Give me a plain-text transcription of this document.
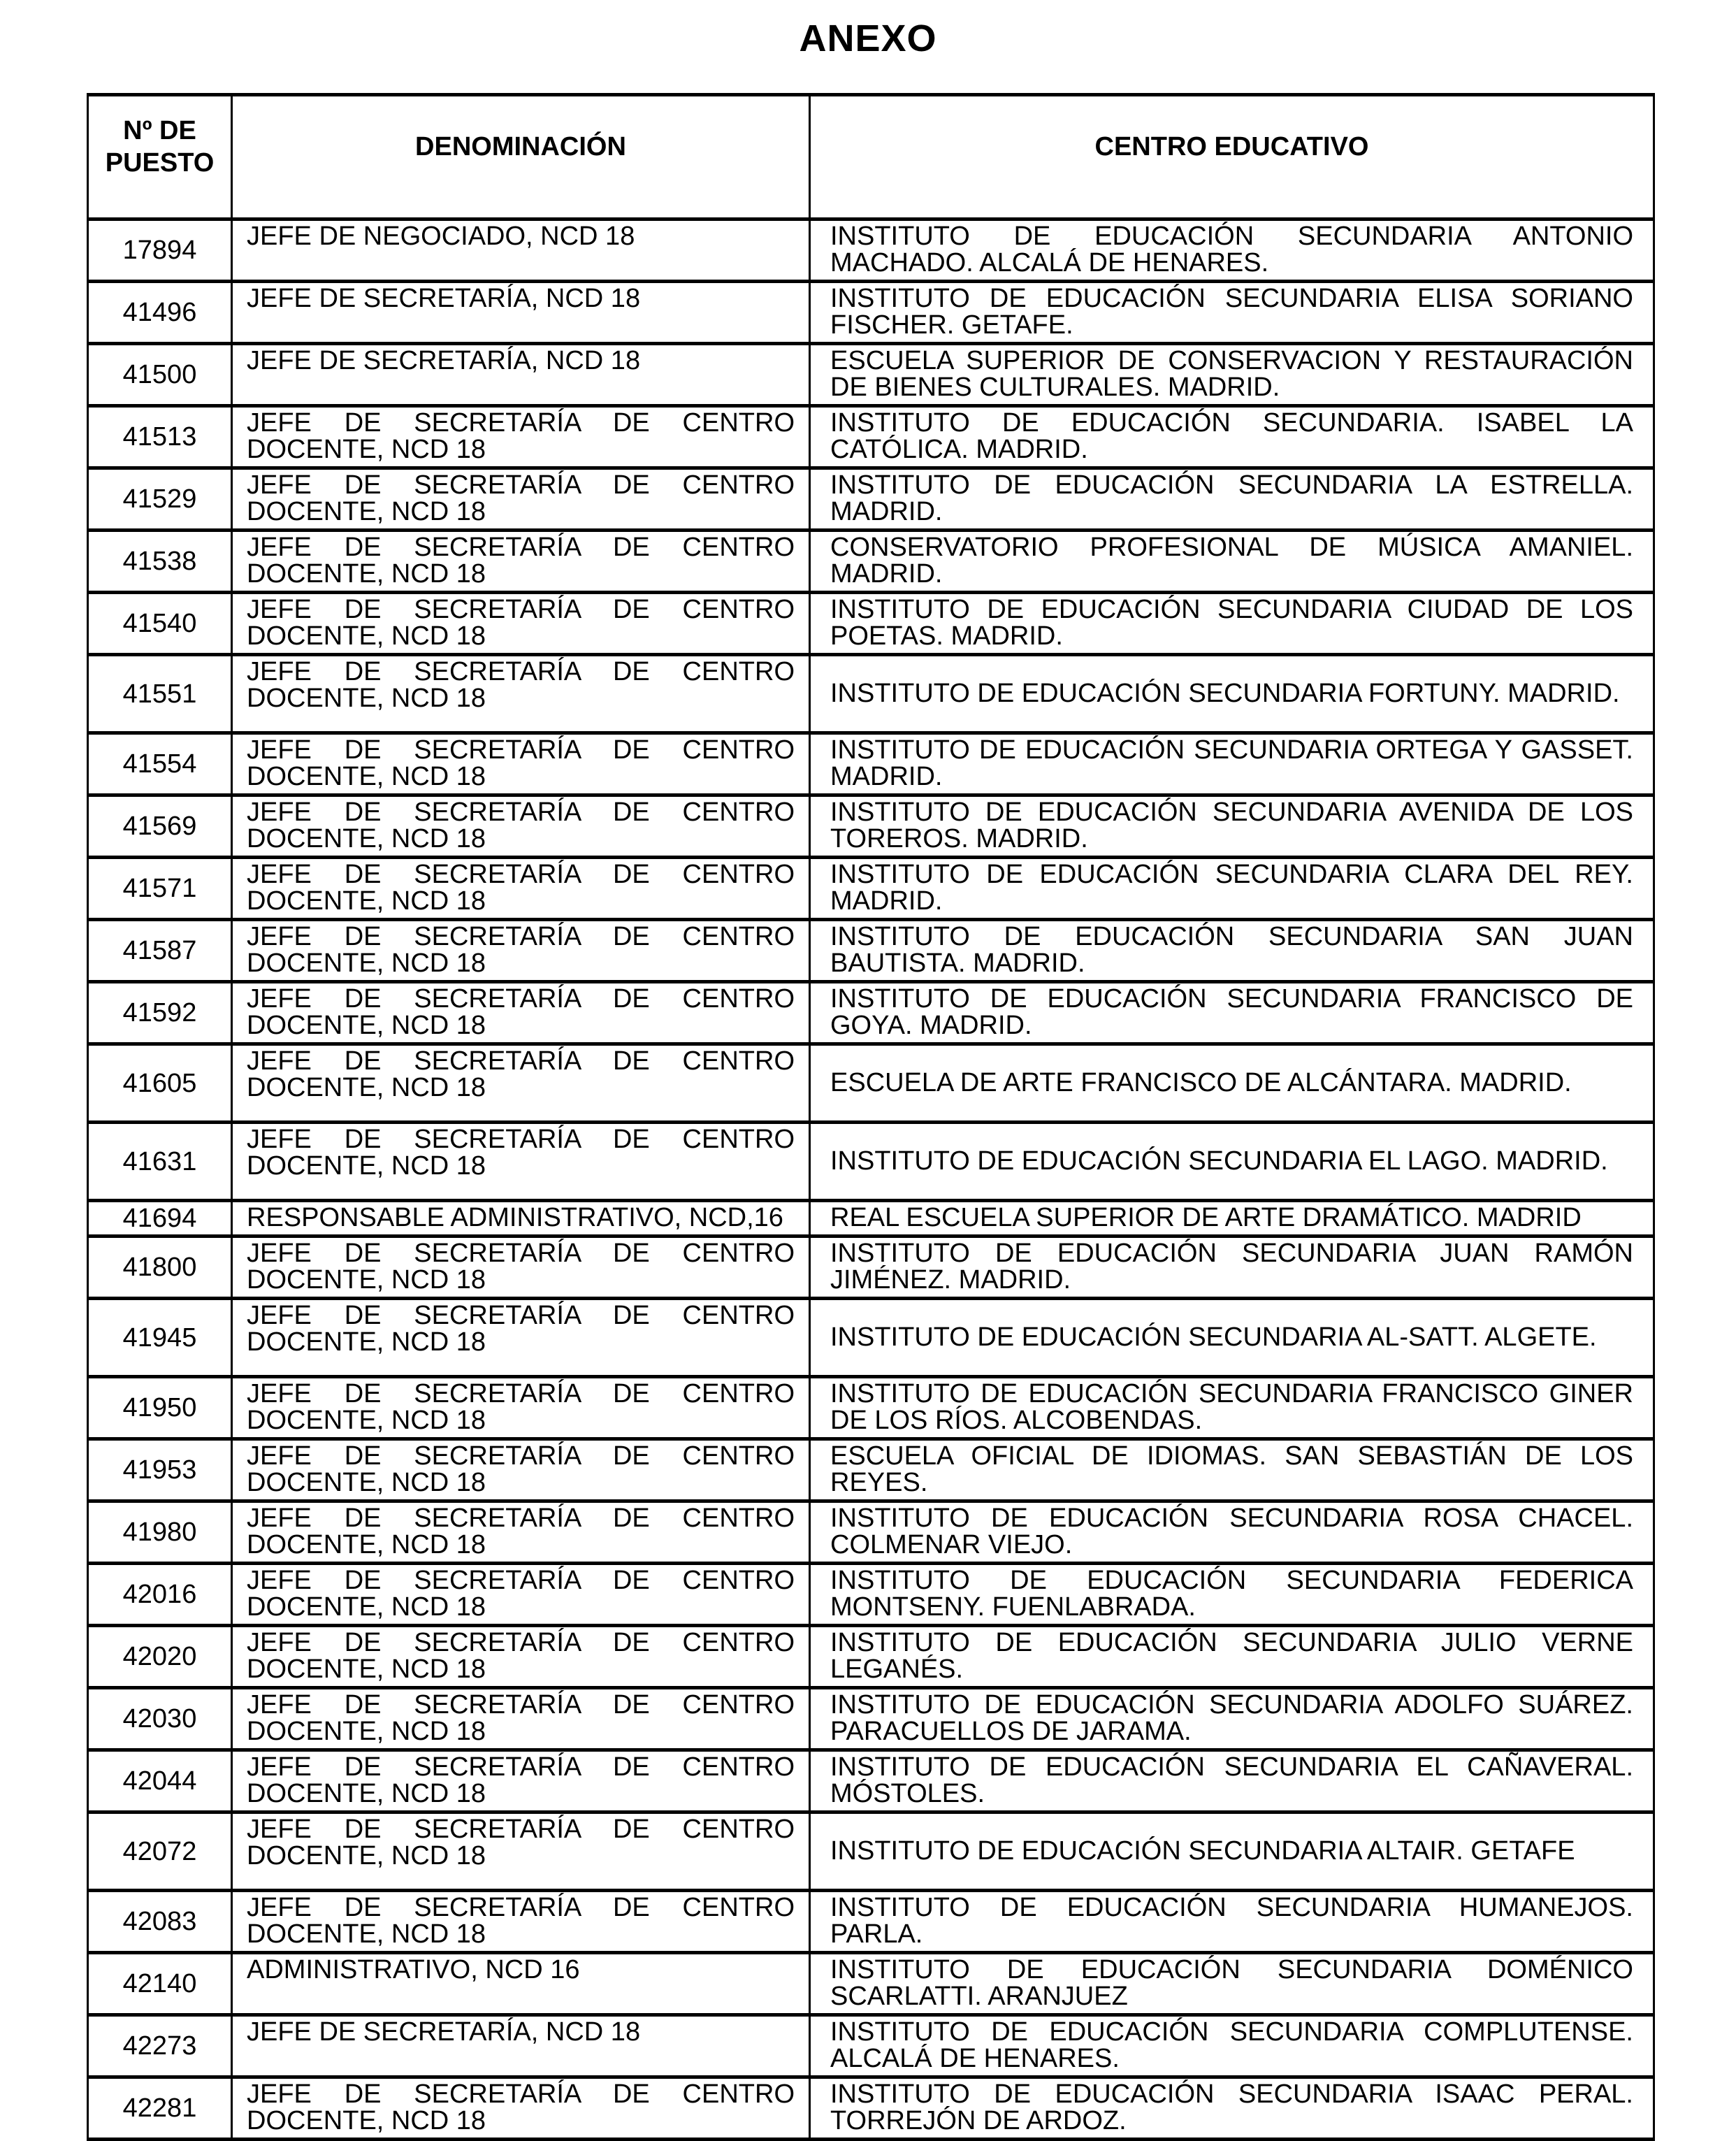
ANEXO
Nº DE PUESTO	DENOMINACIÓN	CENTRO EDUCATIVO
17894	JEFE DE NEGOCIADO, NCD 18	INSTITUTO DE EDUCACIÓN SECUNDARIA ANTONIO MACHADO. ALCALÁ DE HENARES.
41496	JEFE DE SECRETARÍA, NCD 18	INSTITUTO DE EDUCACIÓN SECUNDARIA ELISA SORIANO FISCHER. GETAFE.
41500	JEFE DE SECRETARÍA, NCD 18	ESCUELA SUPERIOR DE CONSERVACION Y RESTAURACIÓN DE BIENES CULTURALES. MADRID.
41513	JEFE DE SECRETARÍA DE CENTRO DOCENTE, NCD 18	INSTITUTO DE EDUCACIÓN SECUNDARIA. ISABEL LA CATÓLICA. MADRID.
41529	JEFE DE SECRETARÍA DE CENTRO DOCENTE, NCD 18	INSTITUTO DE EDUCACIÓN SECUNDARIA LA ESTRELLA. MADRID.
41538	JEFE DE SECRETARÍA DE CENTRO DOCENTE, NCD 18	CONSERVATORIO PROFESIONAL DE MÚSICA AMANIEL. MADRID.
41540	JEFE DE SECRETARÍA DE CENTRO DOCENTE, NCD 18	INSTITUTO DE EDUCACIÓN SECUNDARIA CIUDAD DE LOS POETAS. MADRID.
41551	JEFE DE SECRETARÍA DE CENTRO DOCENTE, NCD 18	INSTITUTO DE EDUCACIÓN SECUNDARIA FORTUNY. MADRID.
41554	JEFE DE SECRETARÍA DE CENTRO DOCENTE, NCD 18	INSTITUTO DE EDUCACIÓN SECUNDARIA ORTEGA Y GASSET. MADRID.
41569	JEFE DE SECRETARÍA DE CENTRO DOCENTE, NCD 18	INSTITUTO DE EDUCACIÓN SECUNDARIA AVENIDA DE LOS TOREROS. MADRID.
41571	JEFE DE SECRETARÍA DE CENTRO DOCENTE, NCD 18	INSTITUTO DE EDUCACIÓN SECUNDARIA CLARA DEL REY. MADRID.
41587	JEFE DE SECRETARÍA DE CENTRO DOCENTE, NCD 18	INSTITUTO DE EDUCACIÓN SECUNDARIA SAN JUAN BAUTISTA. MADRID.
41592	JEFE DE SECRETARÍA DE CENTRO DOCENTE, NCD 18	INSTITUTO DE EDUCACIÓN SECUNDARIA FRANCISCO DE GOYA. MADRID.
41605	JEFE DE SECRETARÍA DE CENTRO DOCENTE, NCD 18	ESCUELA DE ARTE FRANCISCO DE ALCÁNTARA. MADRID.
41631	JEFE DE SECRETARÍA DE CENTRO DOCENTE, NCD 18	INSTITUTO DE EDUCACIÓN SECUNDARIA EL LAGO. MADRID.
41694	RESPONSABLE ADMINISTRATIVO, NCD,16	REAL ESCUELA SUPERIOR DE ARTE DRAMÁTICO. MADRID
41800	JEFE DE SECRETARÍA DE CENTRO DOCENTE, NCD 18	INSTITUTO DE EDUCACIÓN SECUNDARIA JUAN RAMÓN JIMÉNEZ. MADRID.
41945	JEFE DE SECRETARÍA DE CENTRO DOCENTE, NCD 18	INSTITUTO DE EDUCACIÓN SECUNDARIA AL-SATT. ALGETE.
41950	JEFE DE SECRETARÍA DE CENTRO DOCENTE, NCD 18	INSTITUTO DE EDUCACIÓN SECUNDARIA FRANCISCO GINER DE LOS RÍOS. ALCOBENDAS.
41953	JEFE DE SECRETARÍA DE CENTRO DOCENTE, NCD 18	ESCUELA OFICIAL DE IDIOMAS. SAN SEBASTIÁN DE LOS REYES.
41980	JEFE DE SECRETARÍA DE CENTRO DOCENTE, NCD 18	INSTITUTO DE EDUCACIÓN SECUNDARIA ROSA CHACEL. COLMENAR VIEJO.
42016	JEFE DE SECRETARÍA DE CENTRO DOCENTE, NCD 18	INSTITUTO DE EDUCACIÓN SECUNDARIA FEDERICA MONTSENY. FUENLABRADA.
42020	JEFE DE SECRETARÍA DE CENTRO DOCENTE, NCD 18	INSTITUTO DE EDUCACIÓN SECUNDARIA JULIO VERNE LEGANÉS.
42030	JEFE DE SECRETARÍA DE CENTRO DOCENTE, NCD 18	INSTITUTO DE EDUCACIÓN SECUNDARIA ADOLFO SUÁREZ. PARACUELLOS DE JARAMA.
42044	JEFE DE SECRETARÍA DE CENTRO DOCENTE, NCD 18	INSTITUTO DE EDUCACIÓN SECUNDARIA EL CAÑAVERAL. MÓSTOLES.
42072	JEFE DE SECRETARÍA DE CENTRO DOCENTE, NCD 18	INSTITUTO DE EDUCACIÓN SECUNDARIA ALTAIR. GETAFE
42083	JEFE DE SECRETARÍA DE CENTRO DOCENTE, NCD 18	INSTITUTO DE EDUCACIÓN SECUNDARIA HUMANEJOS. PARLA.
42140	ADMINISTRATIVO, NCD 16	INSTITUTO DE EDUCACIÓN SECUNDARIA DOMÉNICO SCARLATTI. ARANJUEZ
42273	JEFE DE SECRETARÍA, NCD 18	INSTITUTO DE EDUCACIÓN SECUNDARIA COMPLUTENSE. ALCALÁ DE HENARES.
42281	JEFE DE SECRETARÍA DE CENTRO DOCENTE, NCD 18	INSTITUTO DE EDUCACIÓN SECUNDARIA ISAAC PERAL. TORREJÓN DE ARDOZ.
